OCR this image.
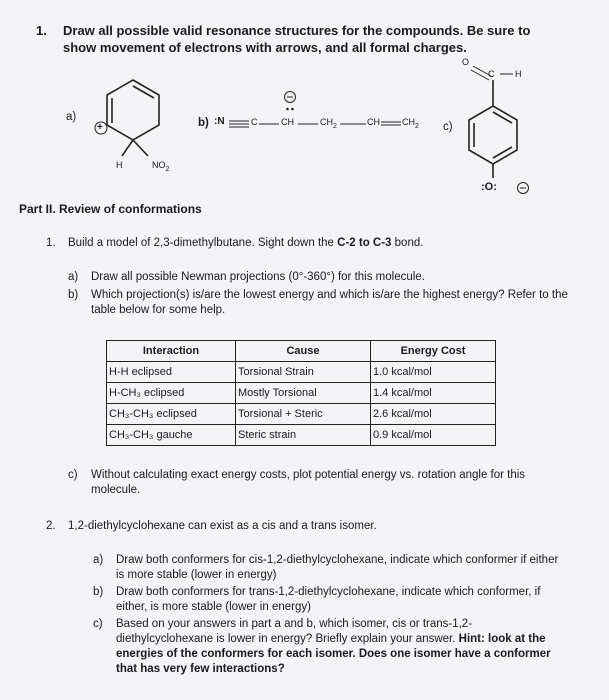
1. Draw all possible valid resonance structures for the compounds. Be sure to show movement of electrons with arrows, and all formal charges.
a)
+
H	$NO_2$
b) :N	C	CH	$CH_2$	CH $CH_2$ c)
O
C H
:O:
Part II. Review of conformations
1. Build a model of 2,3-dimethylbutane. Sight down the C-2 to C-3 bond.
a) Draw all possible Newman projections (0°-360°) for this molecule.
b) Which projection(s) is/are the lowest energy and which is/are the highest energy? Refer to the table below for some help.
Interaction	Cause	Energy Cost
H-H eclipsed	Torsional Strain	1.0 kcal/mol
H-CH₃ eclipsed	Mostly Torsional	1.4 kcal/mol
CH₃-CH₃ eclipsed	Torsional + Steric	2.6 kcal/mol
CH₃-CH₃ gauche	Steric strain	0.9 kcal/mol
c) Without calculating exact energy costs, plot potential energy vs. rotation angle for this molecule.
2. 1,2-diethylcyclohexane can exist as a cis and a trans isomer.
a) Draw both conformers for cis-1,2-diethylcyclohexane, indicate which conformer if either is more stable (lower in energy)
b) Draw both conformers for trans-1,2-diethylcyclohexane, indicate which conformer, if either, is more stable (lower in energy)
c) Based on your answers in part a and b, which isomer, cis or trans-1,2-diethylcyclohexane is lower in energy? Briefly explain your answer. Hint: look at the energies of the conformers for each isomer. Does one isomer have a conformer that has very few interactions?
